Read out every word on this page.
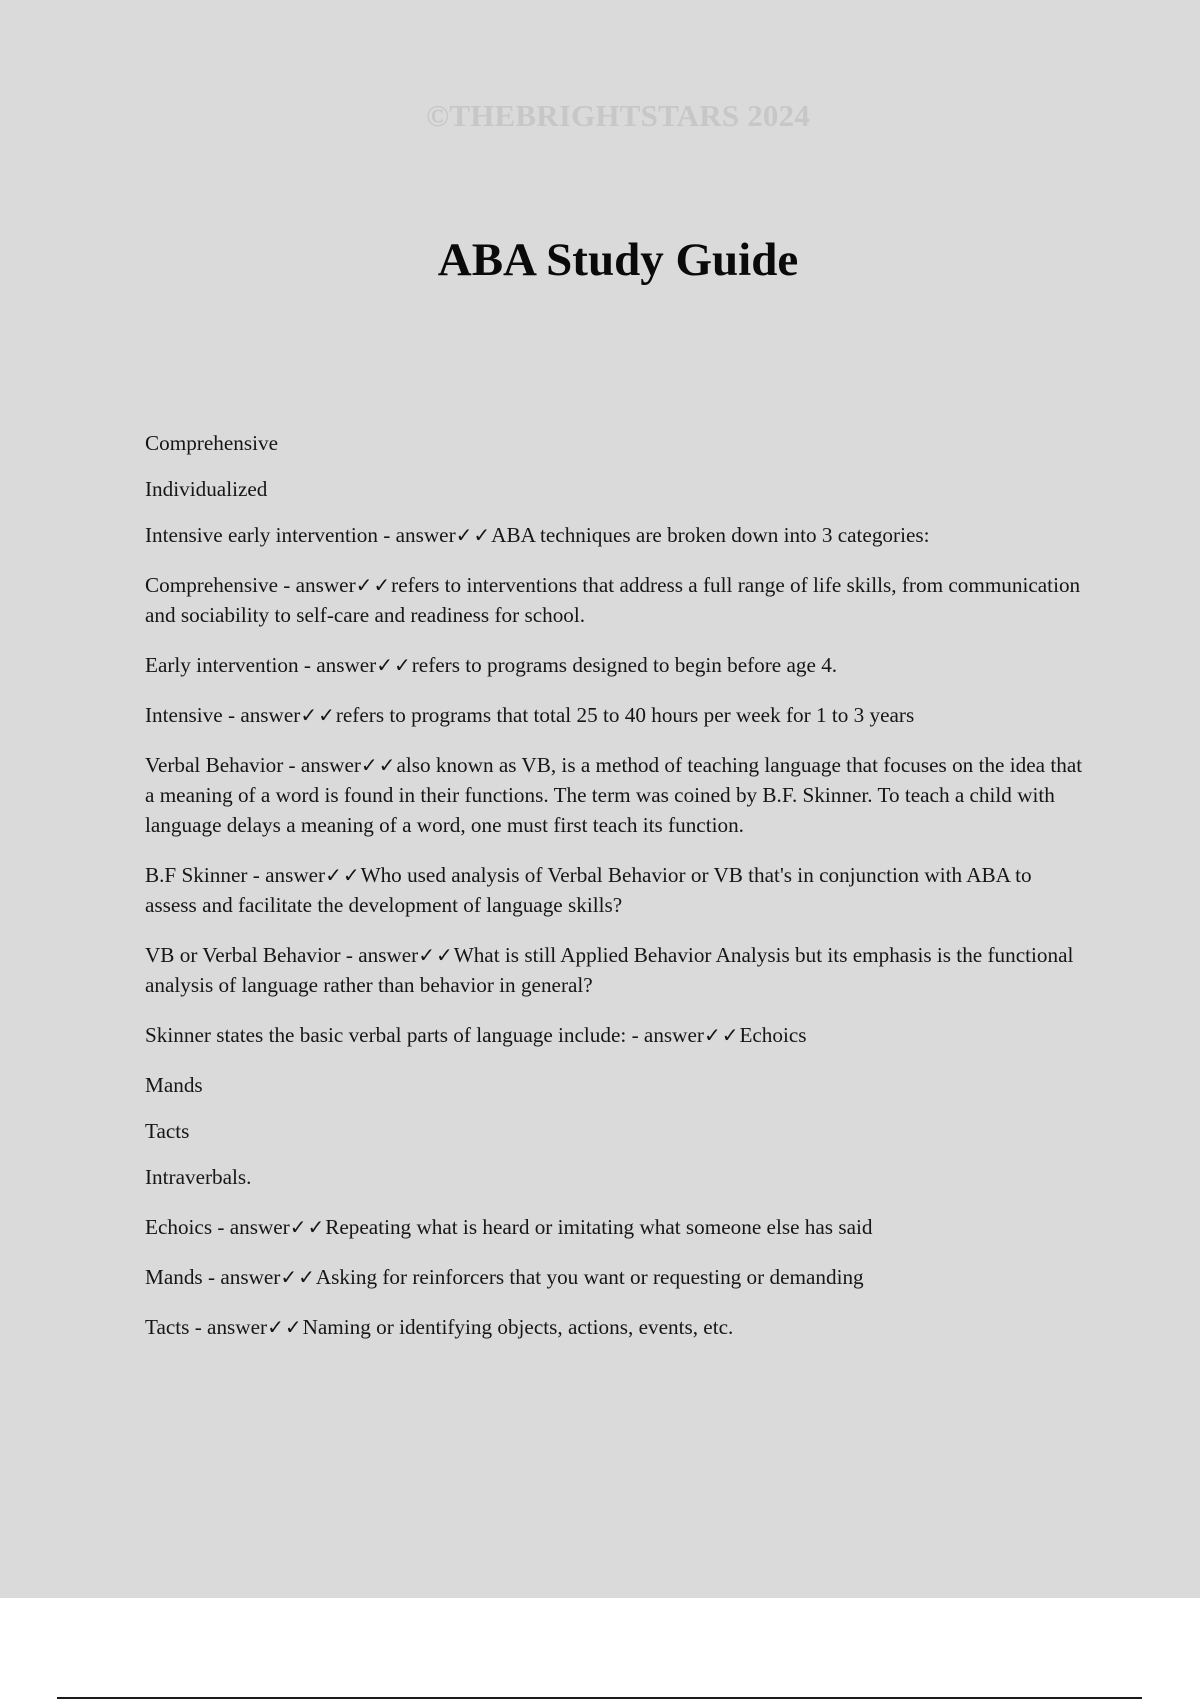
©THEBRIGHTSTARS 2024
ABA Study Guide

Comprehensive

Individualized

Intensive early intervention - answer✓✓ABA techniques are broken down into 3 categories:

Comprehensive - answer✓✓refers to interventions that address a full range of life skills, from communication and sociability to self-care and readiness for school.

Early intervention - answer✓✓refers to programs designed to begin before age 4.

Intensive - answer✓✓refers to programs that total 25 to 40 hours per week for 1 to 3 years

Verbal Behavior - answer✓✓also known as VB, is a method of teaching language that focuses on the idea that a meaning of a word is found in their functions. The term was coined by B.F. Skinner. To teach a child with language delays a meaning of a word, one must first teach its function.

B.F Skinner - answer✓✓Who used analysis of Verbal Behavior or VB that's in conjunction with ABA to assess and facilitate the development of language skills?

VB or Verbal Behavior - answer✓✓What is still Applied Behavior Analysis but its emphasis is the functional analysis of language rather than behavior in general?

Skinner states the basic verbal parts of language include: - answer✓✓Echoics

Mands

Tacts

Intraverbals.

Echoics - answer✓✓Repeating what is heard or imitating what someone else has said

Mands - answer✓✓Asking for reinforcers that you want or requesting or demanding

Tacts - answer✓✓Naming or identifying objects, actions, events, etc.
